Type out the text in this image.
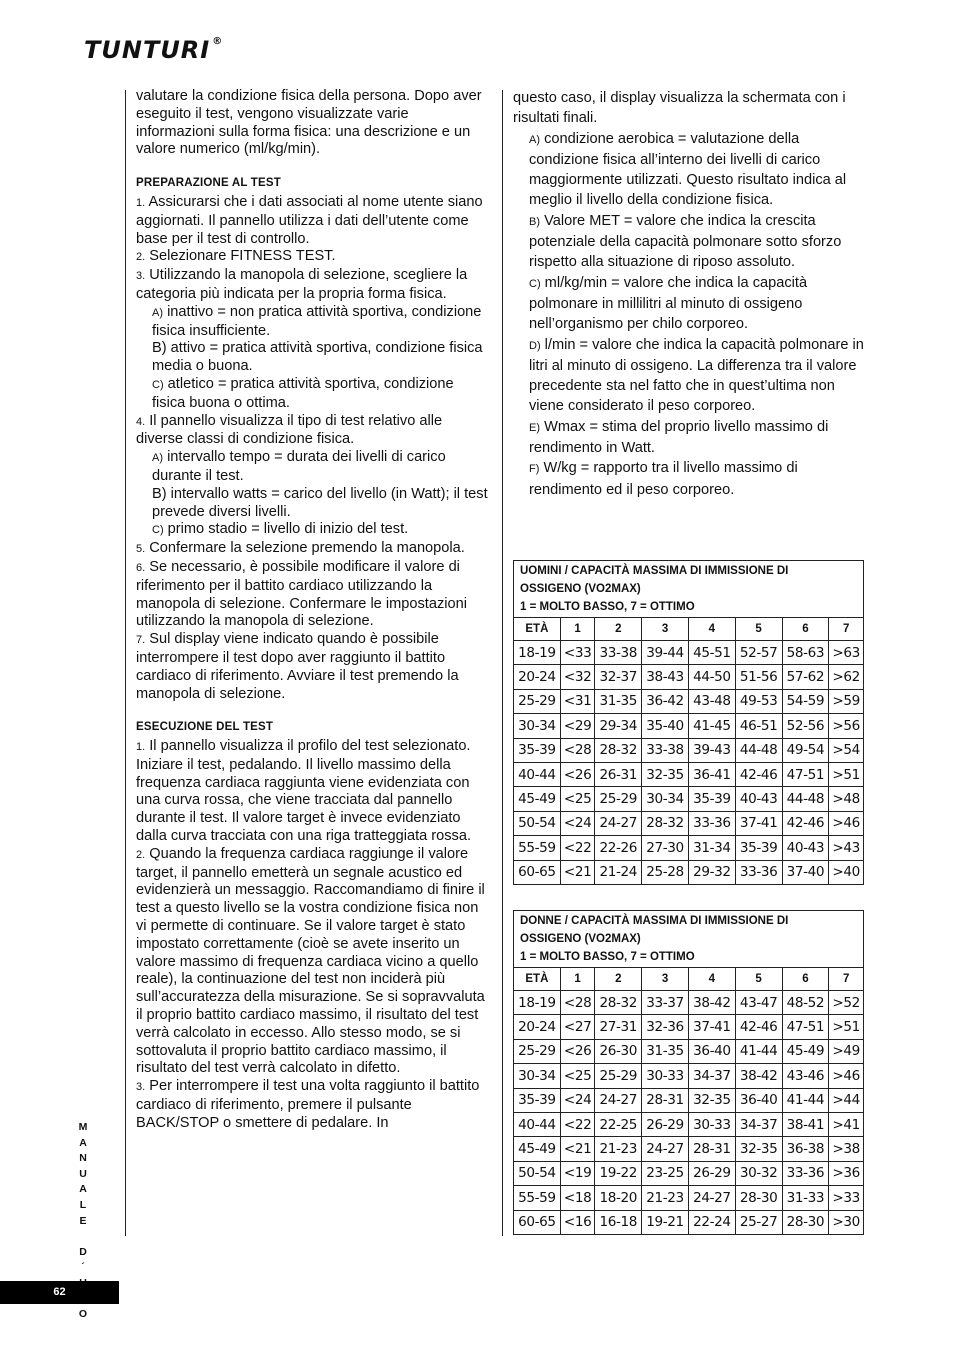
TUNTURI ®

valutare la condizione fisica della persona. Dopo aver eseguito il test, vengono visualizzate varie informazioni sulla forma fisica: una descrizione e un valore numerico (ml/kg/min).

PREPARAZIONE AL TEST

1. Assicurarsi che i dati associati al nome utente siano aggiornati. Il pannello utilizza i dati dell’utente come base per il test di controllo.

2. Selezionare FITNESS TEST.

3. Utilizzando la manopola di selezione, scegliere la categoria più indicata per la propria forma fisica.

A) inattivo = non pratica attività sportiva, condizione fisica insufficiente.

B) attivo = pratica attività sportiva, condizione fisica media o buona.

C) atletico = pratica attività sportiva, condizione fisica buona o ottima.

4. Il pannello visualizza il tipo di test relativo alle diverse classi di condizione fisica.

A) intervallo tempo = durata dei livelli di carico durante il test.

B) intervallo watts = carico del livello (in Watt); il test prevede diversi livelli.

C) primo stadio = livello di inizio del test.

5. Confermare la selezione premendo la manopola.

6. Se necessario, è possibile modificare il valore di riferimento per il battito cardiaco utilizzando la manopola di selezione. Confermare le impostazioni utilizzando la manopola di selezione.

7. Sul display viene indicato quando è possibile interrompere il test dopo aver raggiunto il battito cardiaco di riferimento. Avviare il test premendo la manopola di selezione.

ESECUZIONE DEL TEST

1. Il pannello visualizza il profilo del test selezionato. Iniziare il test, pedalando. Il livello massimo della frequenza cardiaca raggiunta viene evidenziata con una curva rossa, che viene tracciata dal pannello durante il test. Il valore target è invece evidenziato dalla curva tracciata con una riga tratteggiata rossa.

2. Quando la frequenza cardiaca raggiunge il valore target, il pannello emetterà un segnale acustico ed evidenzierà un messaggio. Raccomandiamo di finire il test a questo livello se la vostra condizione fisica non vi permette di continuare. Se il valore target è stato impostato correttamente (cioè se avete inserito un valore massimo di frequenza cardiaca vicino a quello reale), la continuazione del test non inciderà più sull’accuratezza della misurazione. Se si sopravvaluta il proprio battito cardiaco massimo, il risultato del test verrà calcolato in eccesso. Allo stesso modo, se si sottovaluta il proprio battito cardiaco massimo, il risultato del test verrà calcolato in difetto.

3. Per interrompere il test una volta raggiunto il battito cardiaco di riferimento, premere il pulsante BACK/STOP o smettere di pedalare. In

questo caso, il display visualizza la schermata con i risultati finali.

A) condizione aerobica = valutazione della condizione fisica all’interno dei livelli di carico maggiormente utilizzati. Questo risultato indica al meglio il livello della condizione fisica.

B) Valore MET = valore che indica la crescita potenziale della capacità polmonare sotto sforzo rispetto alla situazione di riposo assoluto.

C) ml/kg/min = valore che indica la capacità polmonare in millilitri al minuto di ossigeno nell’organismo per chilo corporeo.

D) l/min = valore che indica la capacità polmonare in litri al minuto di ossigeno. La differenza tra il valore precedente sta nel fatto che in quest’ultima non viene considerato il peso corporeo.

E) Wmax = stima del proprio livello massimo di rendimento in Watt.

F) W/kg = rapporto tra il livello massimo di rendimento ed il peso corporeo.

UOMINI / CAPACITÀ MASSIMA DI IMMISSIONE DI
OSSIGENO (VO2MAX)
1 = MOLTO BASSO, 7 = OTTIMO							

ETÀ	1	2	3	4	5	6	7
18-19	<33	33-38	39-44	45-51	52-57	58-63	>63
20-24	<32	32-37	38-43	44-50	51-56	57-62	>62
25-29	<31	31-35	36-42	43-48	49-53	54-59	>59
30-34	<29	29-34	35-40	41-45	46-51	52-56	>56
35-39	<28	28-32	33-38	39-43	44-48	49-54	>54
40-44	<26	26-31	32-35	36-41	42-46	47-51	>51
45-49	<25	25-29	30-34	35-39	40-43	44-48	>48
50-54	<24	24-27	28-32	33-36	37-41	42-46	>46
55-59	<22	22-26	27-30	31-34	35-39	40-43	>43
60-65	<21	21-24	25-28	29-32	33-36	37-40	>40
DONNE / CAPACITÀ MASSIMA DI IMMISSIONE DI
OSSIGENO (VO2MAX)
1 = MOLTO BASSO, 7 = OTTIMO							

ETÀ	1	2	3	4	5	6	7
18-19	<28	28-32	33-37	38-42	43-47	48-52	>52
20-24	<27	27-31	32-36	37-41	42-46	47-51	>51
25-29	<26	26-30	31-35	36-40	41-44	45-49	>49
30-34	<25	25-29	30-33	34-37	38-42	43-46	>46
35-39	<24	24-27	28-31	32-35	36-40	41-44	>44
40-44	<22	22-25	26-29	30-33	34-37	38-41	>41
45-49	<21	21-23	24-27	28-31	32-35	36-38	>38
50-54	<19	19-22	23-25	26-29	30-32	33-36	>36
55-59	<18	18-20	21-23	24-27	28-30	31-33	>33
60-65	<16	16-18	19-21	22-24	25-27	28-30	>30
M
A
N
U
A
L
E

D
´
O
62
